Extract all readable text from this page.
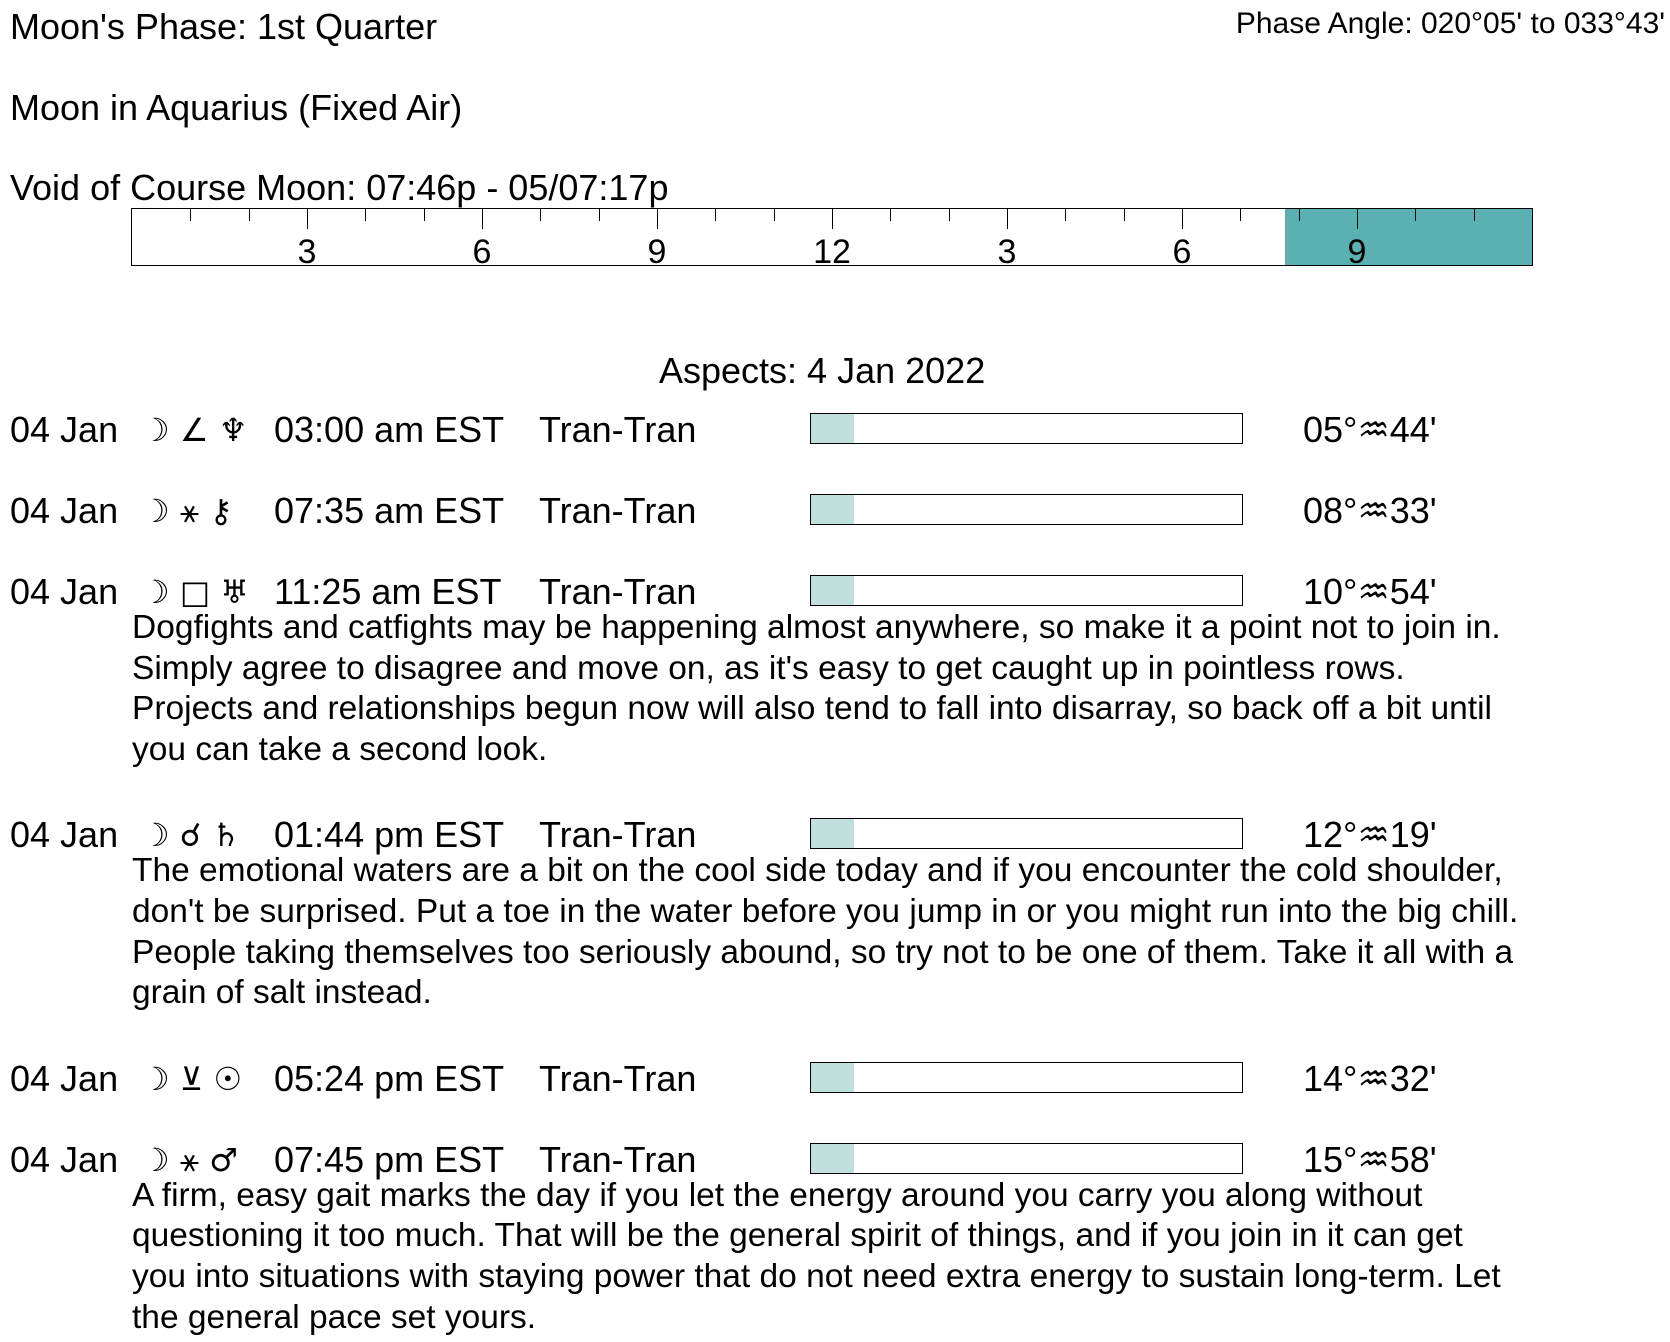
Moon's Phase: 1st Quarter	Phase Angle: 020°05' to 033°43'
Moon in Aquarius (Fixed Air)
Void of Course Moon: 07:46p - 05/07:17p
3	6	9	12	3	6	9
Aspects: 4 Jan 2022
04 Jan ☽ ∠ ♆ 03:00 am EST Tran-Tran	05°♒44'
04 Jan ☽ ⚹ ⚷ 07:35 am EST Tran-Tran	08°♒33'
04 Jan ☽ □ ♅ 11:25 am EST Tran-Tran	10°♒54'
Dogfights and catfights may be happening almost anywhere, so make it a point not to join in.
Simply agree to disagree and move on, as it's easy to get caught up in pointless rows.
Projects and relationships begun now will also tend to fall into disarray, so back off a bit until
you can take a second look.
04 Jan ☽ ☌ ♄ 01:44 pm EST Tran-Tran	12°♒19'
The emotional waters are a bit on the cool side today and if you encounter the cold shoulder,
don't be surprised. Put a toe in the water before you jump in or you might run into the big chill.
People taking themselves too seriously abound, so try not to be one of them. Take it all with a
grain of salt instead.
04 Jan ☽ ⊻ ☉ 05:24 pm EST Tran-Tran	14°♒32'
04 Jan ☽ ⚹ ♂ 07:45 pm EST Tran-Tran	15°♒58'
A firm, easy gait marks the day if you let the energy around you carry you along without
questioning it too much. That will be the general spirit of things, and if you join in it can get
you into situations with staying power that do not need extra energy to sustain long-term. Let
the general pace set yours.
